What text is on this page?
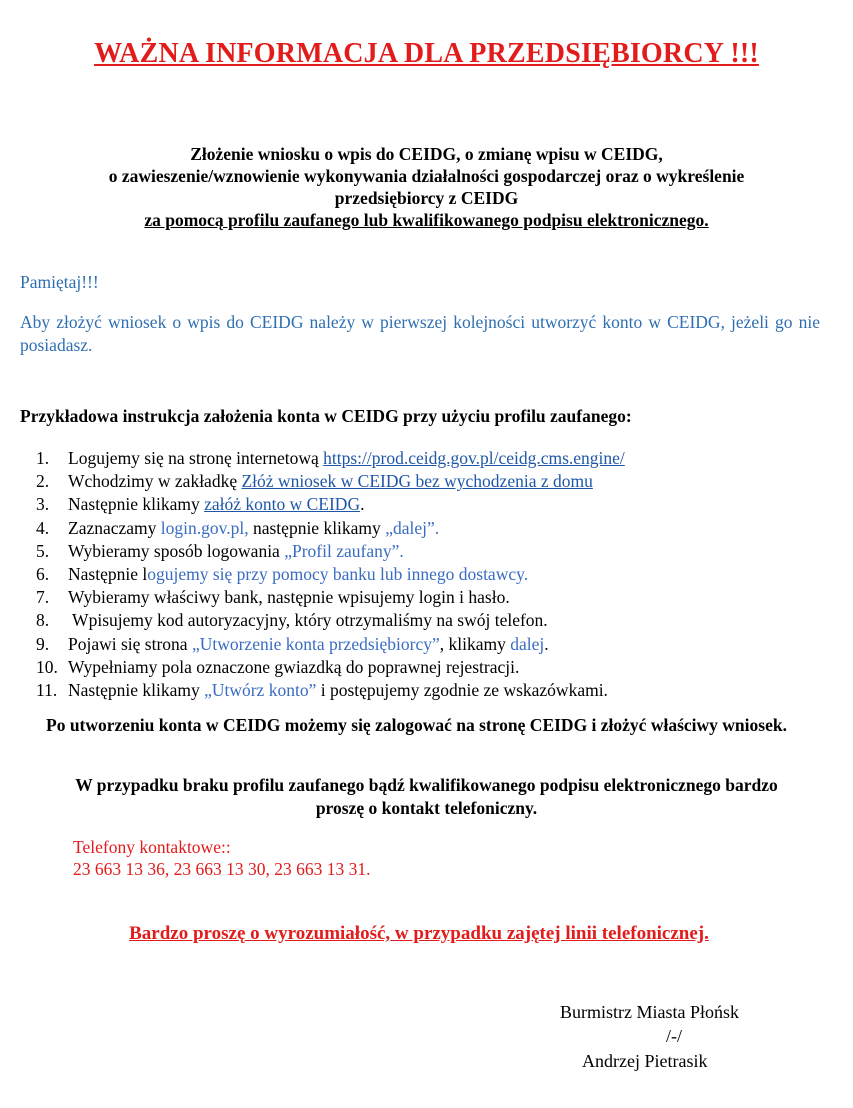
WAŻNA INFORMACJA DLA PRZEDSIĘBIORCY !!!
Złożenie wniosku o wpis do CEIDG, o zmianę wpisu w CEIDG,
o zawieszenie/wznowienie wykonywania działalności gospodarczej oraz o wykreślenie
przedsiębiorcy z CEIDG
za pomocą profilu zaufanego lub kwalifikowanego podpisu elektronicznego.
Pamiętaj!!!
Aby złożyć wniosek o wpis do CEIDG należy w pierwszej kolejności utworzyć konto w CEIDG, jeżeli go nie posiadasz.
Przykładowa instrukcja założenia konta w CEIDG przy użyciu profilu zaufanego:
1.	Logujemy się na stronę internetową https://prod.ceidg.gov.pl/ceidg.cms.engine/
2.	Wchodzimy w zakładkę Złóż wniosek w CEIDG bez wychodzenia z domu
3.	Następnie klikamy załóż konto w CEIDG.
4.	Zaznaczamy login.gov.pl, następnie klikamy „dalej”.
5.	Wybieramy sposób logowania „Profil zaufany”.
6.	Następnie logujemy się przy pomocy banku lub innego dostawcy.
7.	Wybieramy właściwy bank, następnie wpisujemy login i hasło.
8.	Wpisujemy kod autoryzacyjny, który otrzymaliśmy na swój telefon.
9.	Pojawi się strona „Utworzenie konta przedsiębiorcy”, klikamy dalej.
10. Wypełniamy pola oznaczone gwiazdką do poprawnej rejestracji.
11. Następnie klikamy „Utwórz konto” i postępujemy zgodnie ze wskazówkami.
Po utworzeniu konta w CEIDG możemy się zalogować na stronę CEIDG i złożyć właściwy wniosek.
W przypadku braku profilu zaufanego bądź kwalifikowanego podpisu elektronicznego bardzo
proszę o kontakt telefoniczny.
Telefony kontaktowe::
23 663 13 36, 23 663 13 30, 23 663 13 31.
Bardzo proszę o wyrozumiałość, w przypadku zajętej linii telefonicznej.
Burmistrz Miasta Płońsk
/-/
Andrzej Pietrasik
